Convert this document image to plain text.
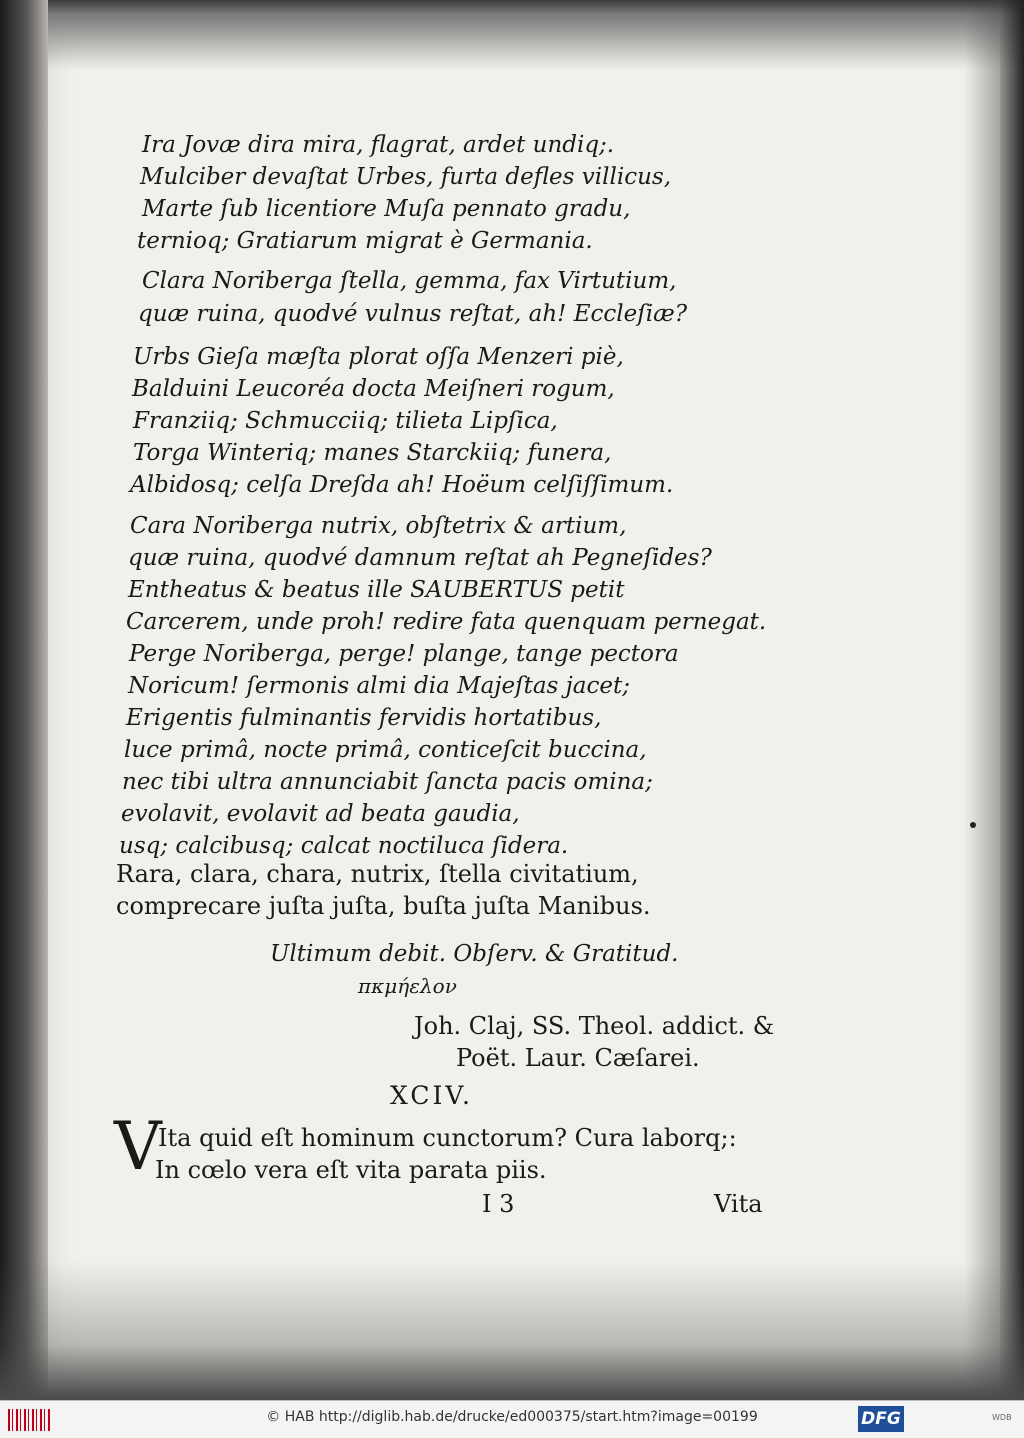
Ira Jovæ dira mira, flagrat, ardet undiq;.
Mulciber devaſtat Urbes, furta defles villicus,
Marte ſub licentiore Muſa pennato gradu,
ternioq; Gratiarum migrat è Germania.
Clara Noriberga ſtella, gemma, fax Virtutium,
quæ ruina, quodvé vulnus reſtat, ah! Eccleſiæ?
Urbs Gieſa mæſta plorat oſſa Menzeri piè,
Balduini Leucoréa docta Meiſneri rogum,
Franziiq; Schmucciiq; tilieta Lipſica,
Torga Winteriq; manes Starckiiq; funera,
Albidosq; celſa Dreſda ah! Hoëum celſiſſimum.
Cara Noriberga nutrix, obſtetrix & artium,
quæ ruina, quodvé damnum reſtat ah Pegneſides?
Entheatus & beatus ille SAUBERTUS petit
Carcerem, unde proh! redire fata quenquam pernegat.
Perge Noriberga, perge! plange, tange pectora
Noricum! ſermonis almi dia Majeſtas jacet;
Erigentis fulminantis fervidis hortatibus,
luce primâ, nocte primâ, conticeſcit buccina,
nec tibi ultra annunciabit ſancta pacis omina;
evolavit, evolavit ad beata gaudia,
usq; calcibusq; calcat noctiluca ſidera.
Rara, clara, chara, nutrix, ſtella civitatium,
comprecare juſta juſta, buſta juſta Manibus.
Ultimum debit. Obſerv. & Gratitud.
πκμήελον
Joh. Claj, SS. Theol. addict. &
Poët. Laur. Cæſarei.
XCIV.
V
Ita quid eſt hominum cunctorum? Cura laborq;:
In cœlo vera eſt vita parata piis.
I 3	Vita
© HAB http://diglib.hab.de/drucke/ed000375/start.htm?image=00199	DFG	WDB
